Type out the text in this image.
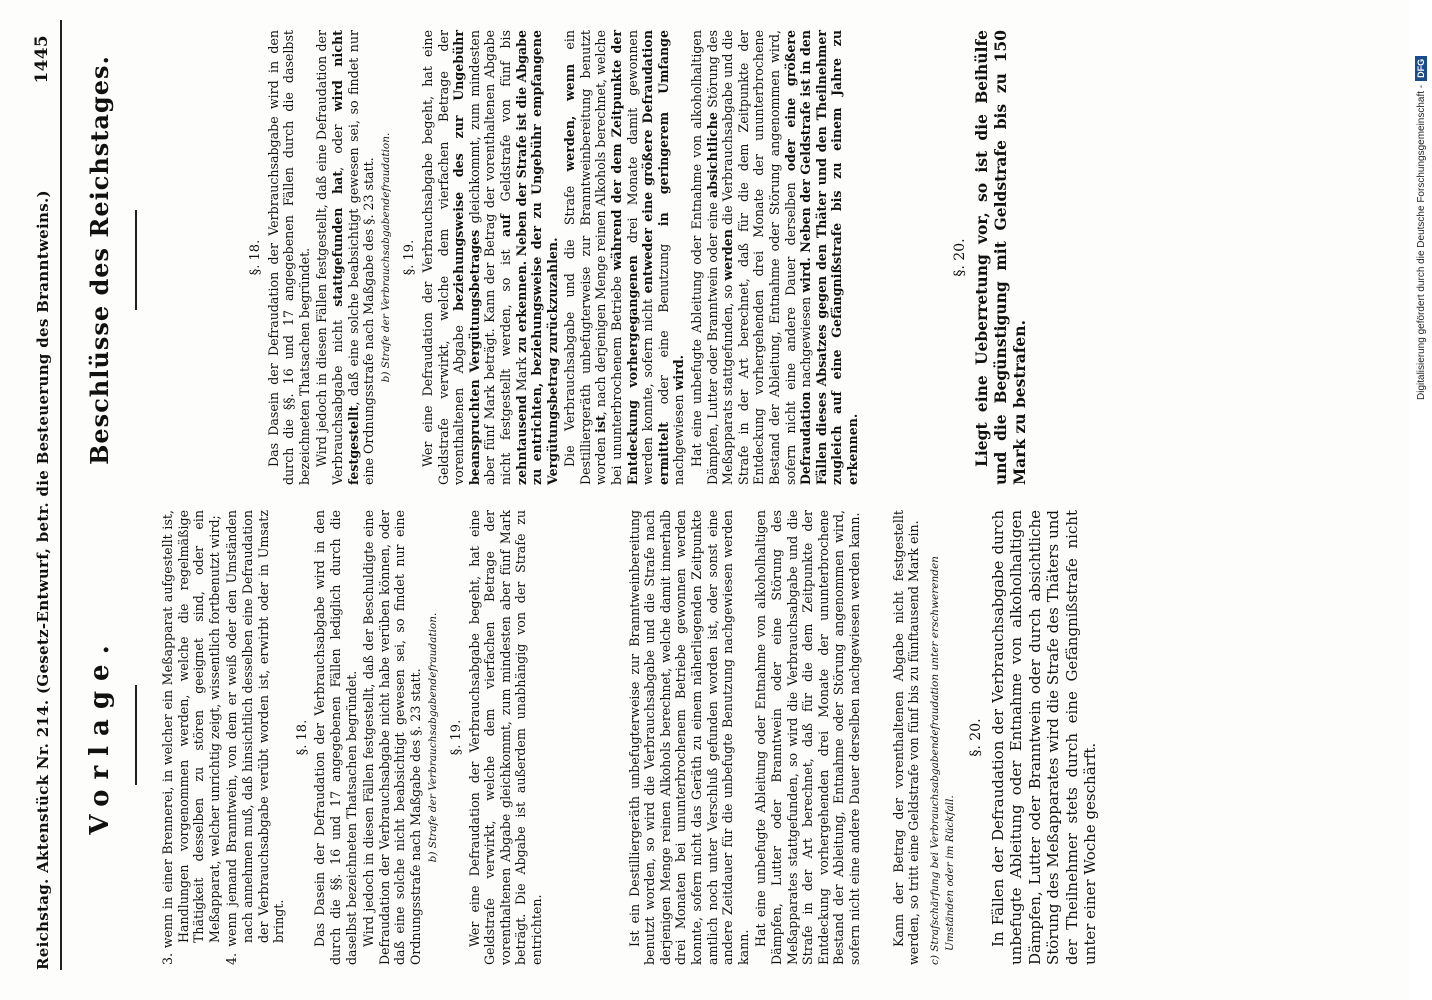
Reichstag. Aktenstück Nr. 214. (Gesetz-Entwurf, betr. die Besteuerung des Branntweins.)
1445
Vorlage.
Beschlüsse des Reichstages.
3. wenn in einer Brennerei, in welcher ein Meßapparat aufgestellt ist, Handlungen vorgenommen werden, welche die regelmäßige Thätigkeit desselben zu stören geeignet sind, oder ein Meßapparat, welcher unrichtig zeigt, wissentlich fortbenutzt wird; 4. wenn jemand Branntwein, von dem er weiß oder den Umständen nach annehmen muß, daß hinsichtlich desselben eine Defraudation der Verbrauchsabgabe verübt worden ist, erwirbt oder in Umsatz bringt.
§. 18. Das Dasein der Defraudation der Verbrauchsabgabe wird in den durch die §§. 16 und 17 angegebenen Fällen lediglich durch die daselbst bezeichneten Thatsachen begründet. Wird jedoch in diesen Fällen festgestellt, daß der Beschuldigte eine Defraudation der Verbrauchsabgabe nicht habe verüben können, oder daß eine solche nicht beabsichtigt gewesen sei, so findet nur eine Ordnungsstrafe nach Maßgabe des §. 23 statt. b) Strafe der Verbrauchsabgabendefraudation. §. 19. Wer eine Defraudation der Verbrauchsabgabe begeht, hat eine Geldstrafe verwirkt, welche dem vierfachen Betrage der vorenthaltenen Abgabe gleichkommt, zum mindesten aber fünf Mark beträgt. Die Abgabe ist außerdem unabhängig von der Strafe zu entrichten.	Ist ein Destilliergeräth unbefugterweise zur Branntweinbereitung benutzt worden, so wird die Verbrauchsabgabe und die Strafe nach derjenigen Menge reinen Alkohols berechnet, welche damit innerhalb drei Monaten bei ununterbrochenem Betriebe gewonnen werden konnte, sofern nicht das Geräth zu einem näherliegenden Zeitpunkte amtlich noch unter Verschluß gefunden worden ist, oder sonst eine andere Zeitdauer für die unbefugte Benutzung nachgewiesen werden kann.
Hat eine unbefugte Ableitung oder Entnahme von alkoholhaltigen Dämpfen, Lutter oder Branntwein oder eine Störung des Meßapparates stattgefunden, so wird die Verbrauchsabgabe und die Strafe in der Art berechnet, daß für die dem Zeitpunkte der Entdeckung vorhergehenden drei Monate der ununterbrochene Bestand der Ableitung, Entnahme oder Störung angenommen wird, sofern nicht eine andere Dauer derselben nachgewiesen werden kann. Kann der Betrag der vorenthaltenen Abgabe nicht festgestellt werden, so tritt eine Geldstrafe von fünf bis zu fünftausend Mark ein. c) Strafschärfung bei Verbrauchsabgabendefraudation unter erschwerenden Umständen oder im Rückfall.
§. 20. In Fällen der Defraudation der Verbrauchsabgabe durch unbefugte Ableitung oder Entnahme von alkoholhaltigen Dämpfen, Lutter oder Branntwein oder durch absichtliche Störung des Meßapparates wird die Strafe des Thäters und der Theilnehmer stets durch eine Gefängnißstrafe nicht unter einer Woche geschärft.
§. 18. Das Dasein der Defraudation der Verbrauchsabgabe wird in den durch die §§. 16 und 17 angegebenen Fällen durch die daselbst bezeichneten Thatsachen begründet. Wird jedoch in diesen Fällen festgestellt, daß eine Defraudation der Verbrauchsabgabe nicht stattgefunden hat, oder wird nicht festgestellt, daß eine solche beabsichtigt gewesen sei, so findet nur eine Ordnungsstrafe nach Maßgabe des §. 23 statt. b) Strafe der Verbrauchsabgabendefraudation. §. 19. Wer eine Defraudation der Verbrauchsabgabe begeht, hat eine Geldstrafe verwirkt, welche dem vierfachen Betrage der vorenthaltenen Abgabe beziehungsweise des zur Ungebühr beanspruchten Vergütungsbetrages gleichkommt, zum mindesten aber fünf Mark beträgt. Kann der Betrag der vorenthaltenen Abgabe nicht festgestellt werden, so ist auf Geldstrafe von fünf bis zehntausend Mark zu erkennen. Neben der Strafe ist die Abgabe zu entrichten, beziehungsweise der zu Ungebühr empfangene Vergütungsbetrag zurückzuzahlen. Die Verbrauchsabgabe und die Strafe werden, wenn ein Destilliergeräth unbefugterweise zur Branntweinbereitung benutzt worden ist, nach derjenigen Menge reinen Alkohols berechnet, welche bei ununterbrochenem Betriebe während der dem Zeitpunkte der Entdeckung vorhergegangenen drei Monate damit gewonnen werden konnte, sofern nicht entweder eine größere Defraudation ermittelt oder eine Benutzung in geringerem Umfange nachgewiesen wird. Hat eine unbefugte Ableitung oder Entnahme von alkoholhaltigen Dämpfen, Lutter oder Branntwein oder eine absichtliche Störung des Meßapparats stattgefunden, so werden die Verbrauchsabgabe und die Strafe in der Art berechnet, daß für die dem Zeitpunkte der Entdeckung vorhergehenden drei Monate der ununterbrochene Bestand der Ableitung, Entnahme oder Störung angenommen wird, sofern nicht eine andere Dauer derselben oder eine größere Defraudation nachgewiesen wird. Neben der Geldstrafe ist in den Fällen dieses Absatzes gegen den Thäter und den Theilnehmer zugleich auf eine Gefängnißstrafe bis zu einem Jahre zu erkennen.
§. 20. Liegt eine Ueberretung vor, so ist die Beihülfe und die Begünstigung mit Geldstrafe bis zu 150 Mark zu bestrafen.
Digitalisierung gefördert durch die Deutsche Forschungsgemeinschaft -DFG
